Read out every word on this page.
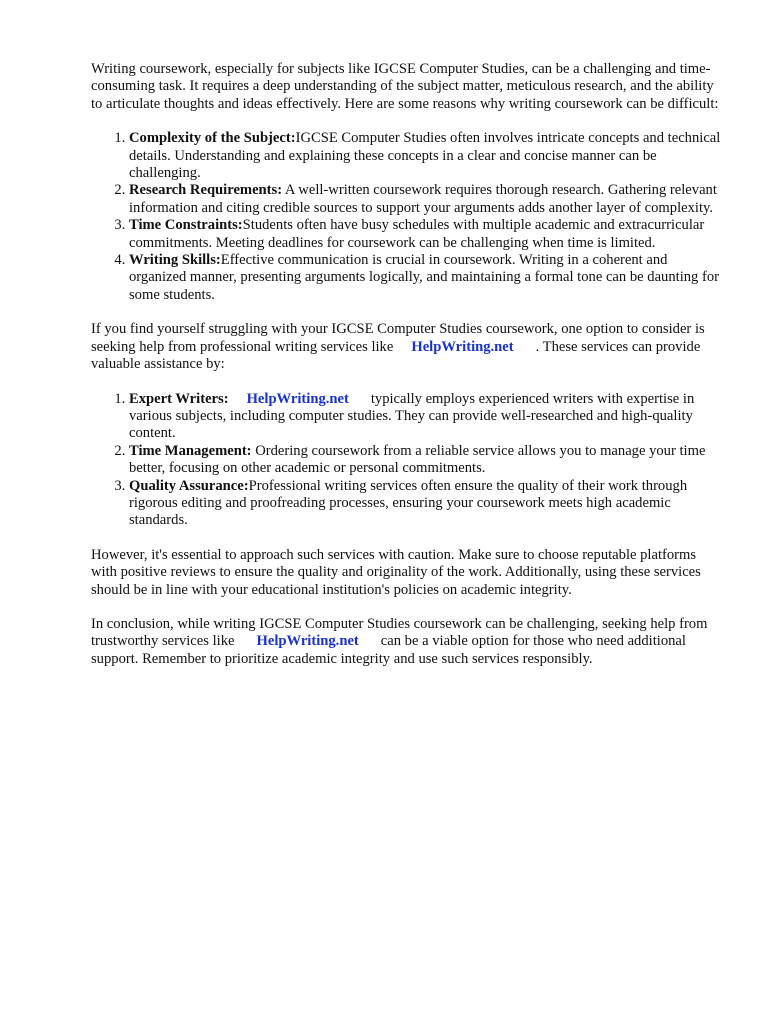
Writing coursework, especially for subjects like IGCSE Computer Studies, can be a challenging and time-consuming task. It requires a deep understanding of the subject matter, meticulous research, and the ability to articulate thoughts and ideas effectively. Here are some reasons why writing coursework can be difficult:

1. Complexity of the Subject:IGCSE Computer Studies often involves intricate concepts and technical details. Understanding and explaining these concepts in a clear and concise manner can be challenging.
2. Research Requirements: A well-written coursework requires thorough research. Gathering relevant information and citing credible sources to support your arguments adds another layer of complexity.
3. Time Constraints:Students often have busy schedules with multiple academic and extracurricular commitments. Meeting deadlines for coursework can be challenging when time is limited.
4. Writing Skills:Effective communication is crucial in coursework. Writing in a coherent and organized manner, presenting arguments logically, and maintaining a formal tone can be daunting for some students.

If you find yourself struggling with your IGCSE Computer Studies coursework, one option to consider is seeking help from professional writing services like HelpWriting.net . These services can provide valuable assistance by:

1. Expert Writers: HelpWriting.net typically employs experienced writers with expertise in various subjects, including computer studies. They can provide well-researched and high-quality content.
2. Time Management: Ordering coursework from a reliable service allows you to manage your time better, focusing on other academic or personal commitments.
3. Quality Assurance:Professional writing services often ensure the quality of their work through rigorous editing and proofreading processes, ensuring your coursework meets high academic standards.

However, it's essential to approach such services with caution. Make sure to choose reputable platforms with positive reviews to ensure the quality and originality of the work. Additionally, using these services should be in line with your educational institution's policies on academic integrity.

In conclusion, while writing IGCSE Computer Studies coursework can be challenging, seeking help from trustworthy services like HelpWriting.net can be a viable option for those who need additional support. Remember to prioritize academic integrity and use such services responsibly.
